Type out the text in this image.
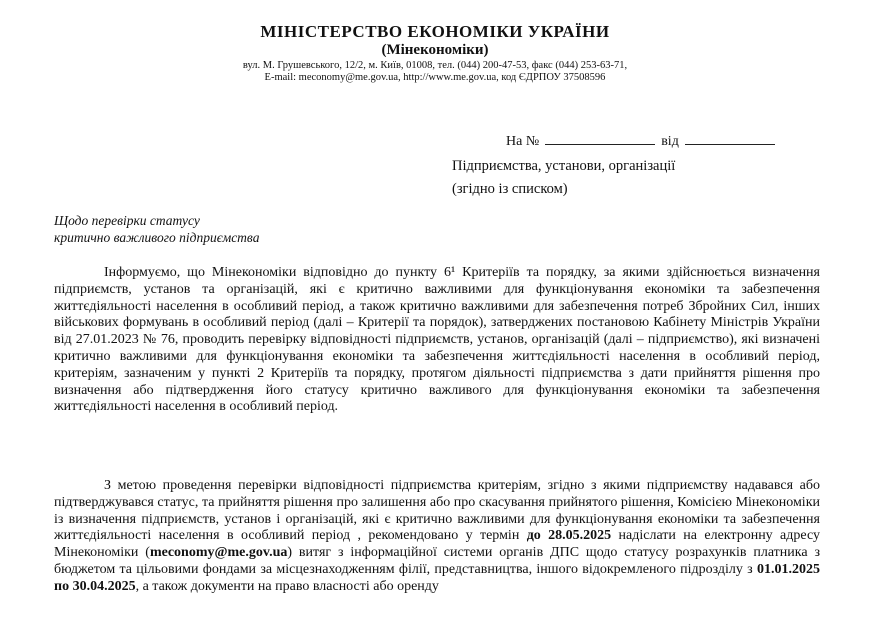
МІНІСТЕРСТВО ЕКОНОМІКИ УКРАЇНИ
(Мінекономіки)
вул. М. Грушевського, 12/2, м. Київ, 01008, тел. (044) 200-47-53, факс (044) 253-63-71,
E-mail: meconomy@me.gov.ua, http://www.me.gov.ua, код ЄДРПОУ 37508596
На №	від
Підприємства, установи, організації
(згідно із списком)
Щодо перевірки статусу
критично важливого підприємства

Інформуємо, що Мінекономіки відповідно до пункту 6¹ Критеріїв та порядку, за якими здійснюється визначення підприємств, установ та організацій, які є критично важливими для функціонування економіки та забезпечення життєдіяльності населення в особливий період, а також критично важливими для забезпечення потреб Збройних Сил, інших військових формувань в особливий період (далі – Критерії та порядок), затверджених постановою Кабінету Міністрів України від 27.01.2023 № 76, проводить перевірку відповідності підприємств, установ, організацій (далі – підприємство), які визначені критично важливими для функціонування економіки та забезпечення життєдіяльності населення в особливий період, критеріям, зазначеним у пункті 2 Критеріїв та порядку, протягом діяльності підприємства з дати прийняття рішення про визначення або підтвердження його статусу критично важливого для функціонування економіки та забезпечення життєдіяльності населення в особливий період.

З метою проведення перевірки відповідності підприємства критеріям, згідно з якими підприємству надавався або підтверджувався статус, та прийняття рішення про залишення або про скасування прийнятого рішення, Комісією Мінекономіки із визначення підприємств, установ і організацій, які є критично важливими для функціонування економіки та забезпечення життєдіяльності населення в особливий період , рекомендовано у термін до 28.05.2025 надіслати на електронну адресу Мінекономіки (meconomy@me.gov.ua) витяг з інформаційної системи органів ДПС щодо статусу розрахунків платника з бюджетом та цільовими фондами за місцезнаходженням філії, представництва, іншого відокремленого підрозділу з 01.01.2025 по 30.04.2025, а також документи на право власності або оренду
